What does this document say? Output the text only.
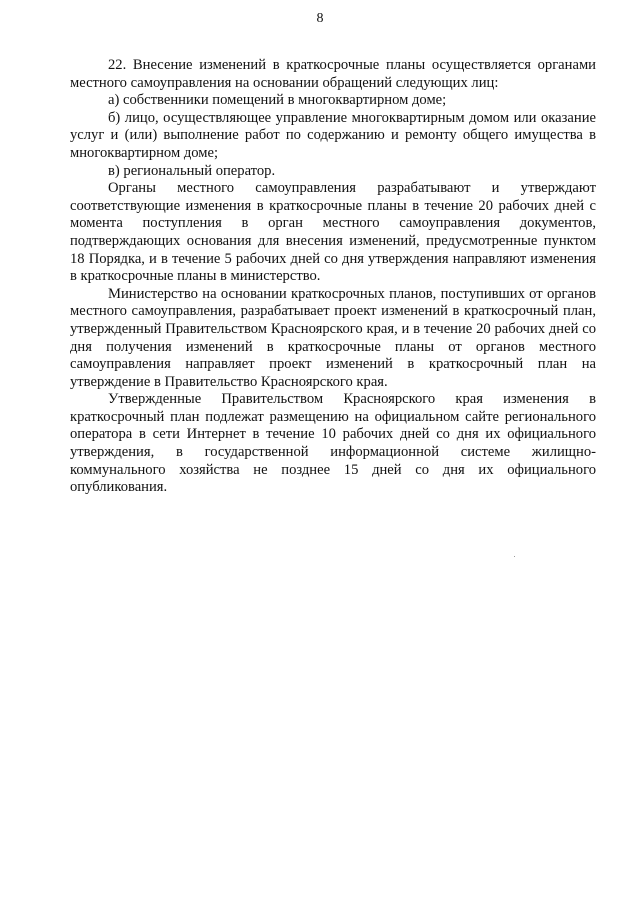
8

22. Внесение изменений в краткосрочные планы осуществляется органами местного самоуправления на основании обращений следующих лиц:

а) собственники помещений в многоквартирном доме;

б) лицо, осуществляющее управление многоквартирным домом или оказание услуг и (или) выполнение работ по содержанию и ремонту общего имущества в многоквартирном доме;

в) региональный оператор.

Органы местного самоуправления разрабатывают и утверждают соответствующие изменения в краткосрочные планы в течение 20 рабочих дней с момента поступления в орган местного самоуправления документов, подтверждающих основания для внесения изменений, предусмотренные пунктом 18 Порядка, и в течение 5 рабочих дней со дня утверждения направляют изменения в краткосрочные планы в министерство.

Министерство на основании краткосрочных планов, поступивших от органов местного самоуправления, разрабатывает проект изменений в краткосрочный план, утвержденный Правительством Красноярского края, и в течение 20 рабочих дней со дня получения изменений в краткосрочные планы от органов местного самоуправления направляет проект изменений в краткосрочный план на утверждение в Правительство Красноярского края.

Утвержденные Правительством Красноярского края изменения в краткосрочный план подлежат размещению на официальном сайте регионального оператора в сети Интернет в течение 10 рабочих дней со дня их официального утверждения, в государственной информационной системе жилищно-коммунального хозяйства не позднее 15 дней со дня их официального опубликования.
